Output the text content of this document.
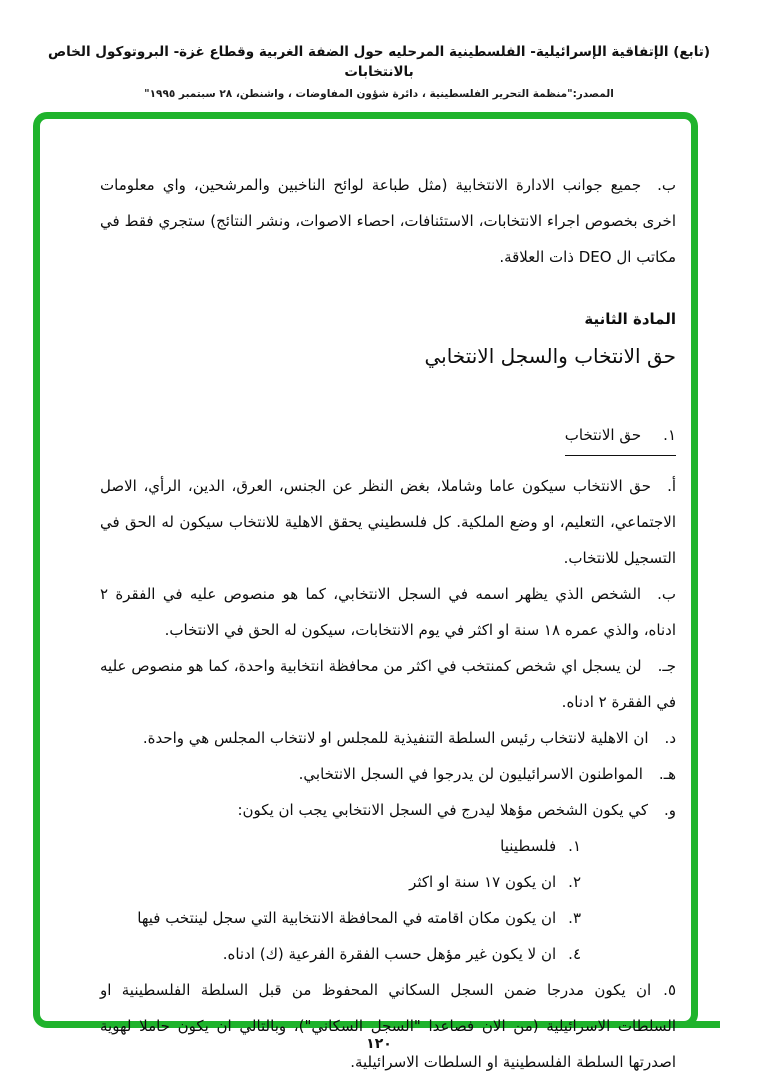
(تابع) الإتفاقية الإسرائيلية- الفلسطينية المرحليه حول الضفة الغربية وقطاع غزة- البروتوكول الخاص بالانتخابات
المصدر:"منظمة التحرير الفلسطينية ، دائرة شؤون المفاوضات ، واشنطن، ٢٨ سبتمبر ١٩٩٥"

ب.جميع جوانب الادارة الانتخابية (مثل طباعة لوائح الناخبين والمرشحين، واي معلومات اخرى بخصوص اجراء الانتخابات، الاستئنافات، احصاء الاصوات، ونشر النتائج) ستجري فقط في مكاتب ال DEO ذات العلاقة.

المادة الثانية

حق الانتخاب والسجل الانتخابي

١.حق الانتخاب

أ.حق الانتخاب سيكون عاما وشاملا، بغض النظر عن الجنس، العرق، الدين، الرأي، الاصل الاجتماعي، التعليم، او وضع الملكية. كل فلسطيني يحقق الاهلية للانتخاب سيكون له الحق في التسجيل للانتخاب.

ب.الشخص الذي يظهر اسمه في السجل الانتخابي، كما هو منصوص عليه في الفقرة ٢ ادناه، والذي عمره ١٨ سنة او اكثر في يوم الانتخابات، سيكون له الحق في الانتخاب.

جـ.لن يسجل اي شخص كمنتخب في اكثر من محافظة انتخابية واحدة، كما هو منصوص عليه في الفقرة ٢ ادناه.

د.ان الاهلية لانتخاب رئيس السلطة التنفيذية للمجلس او لانتخاب المجلس هي واحدة.

هـ.المواطنون الاسرائيليون لن يدرجوا في السجل الانتخابي.

و.كي يكون الشخص مؤهلا ليدرج في السجل الانتخابي يجب ان يكون:

١.فلسطينيا

٢.ان يكون ١٧ سنة او اكثر

٣.ان يكون مكان اقامته في المحافظة الانتخابية التي سجل لينتخب فيها

٤.ان لا يكون غير مؤهل حسب الفقرة الفرعية (ك) ادناه.

٥.ان يكون مدرجا ضمن السجل السكاني المحفوظ من قبل السلطة الفلسطينية او السلطات الاسرائيلية (من الان فصاعدا "السجل السكاني")، وبالتالي ان يكون حاملا لهوية اصدرتها السلطة الفلسطينية او السلطات الاسرائيلية.

١٢٠
